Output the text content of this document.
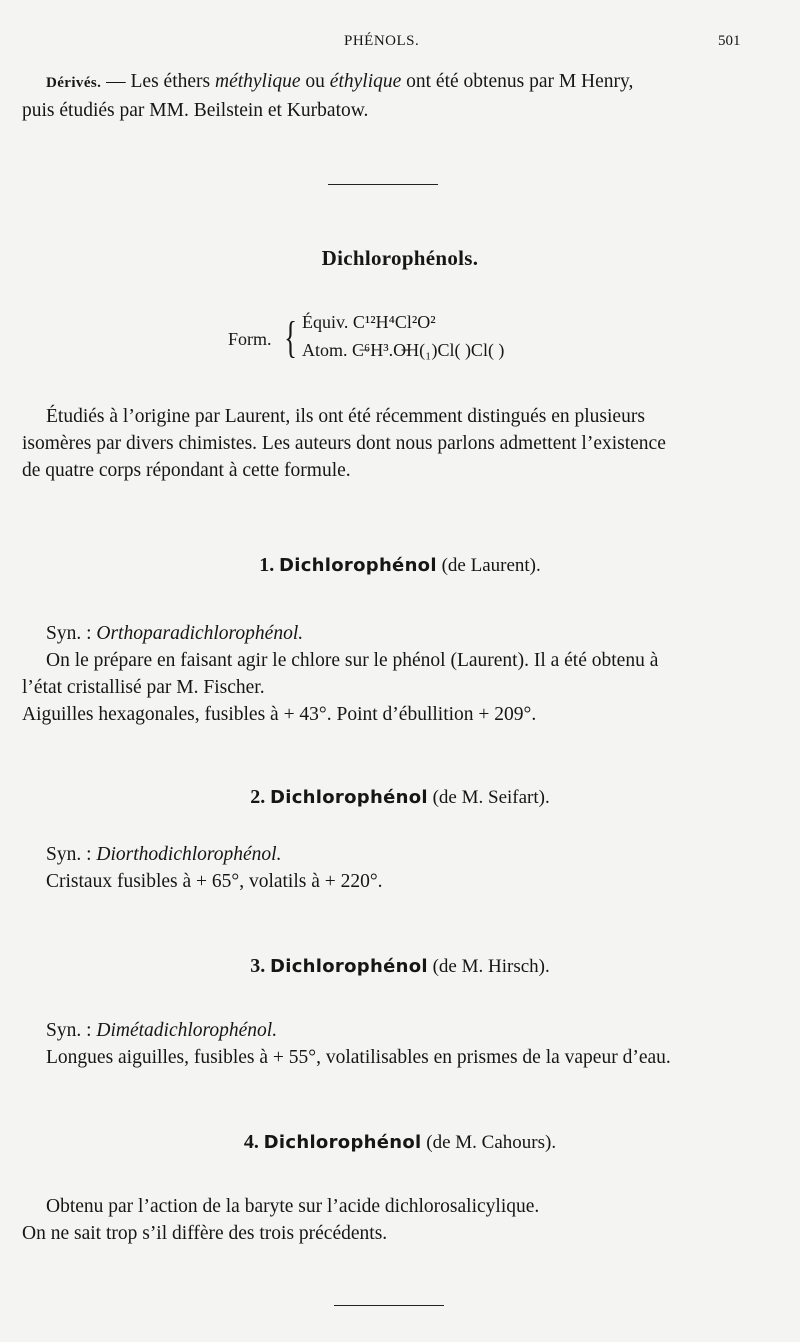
PHÉNOLS.	501

Dérivés. — Les éthers méthylique ou éthylique ont été obtenus par M Henry,
puis étudiés par MM. Beilstein et Kurbatow.

Dichlorophénols.
Form. { Équiv. C¹²H⁴Cl²O²
Atom. C̶⁶H³.O̶H(₁)Cl( )Cl( )

Étudiés à l’origine par Laurent, ils ont été récemment distingués en plusieurs
isomères par divers chimistes. Les auteurs dont nous parlons admettent l’existence
de quatre corps répondant à cette formule.

1. Dichlorophénol (de Laurent).

Syn. : Orthoparadichlorophénol.

On le prépare en faisant agir le chlore sur le phénol (Laurent). Il a été obtenu à
l’état cristallisé par M. Fischer.
Aiguilles hexagonales, fusibles à + 43°. Point d’ébullition + 209°.

2. Dichlorophénol (de M. Seifart).

Syn. : Diorthodichlorophénol.

Cristaux fusibles à + 65°, volatils à + 220°.

3. Dichlorophénol (de M. Hirsch).

Syn. : Dimétadichlorophénol.

Longues aiguilles, fusibles à + 55°, volatilisables en prismes de la vapeur d’eau.

4. Dichlorophénol (de M. Cahours).

Obtenu par l’action de la baryte sur l’acide dichlorosalicylique.
On ne sait trop s’il diffère des trois précédents.
